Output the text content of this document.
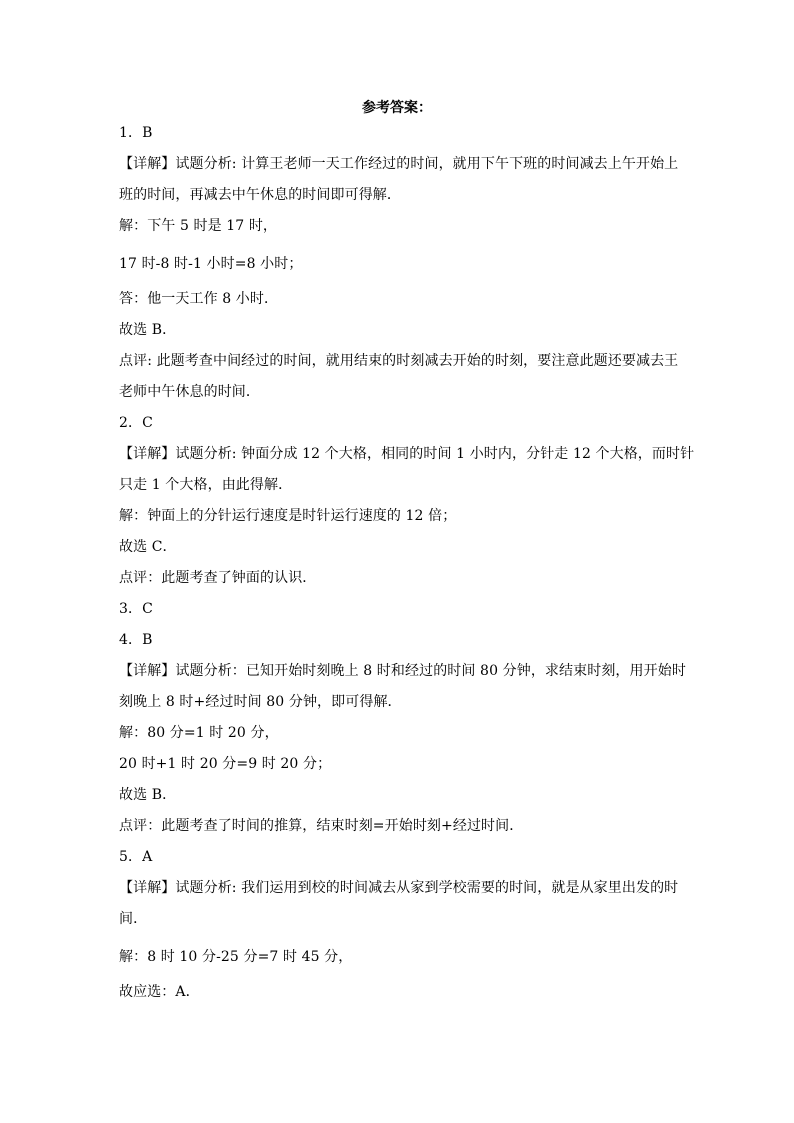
参考答案：
1．B
【详解】试题分析: 计算王老师一天工作经过的时间，就用下午下班的时间减去上午开始上
班的时间，再减去中午休息的时间即可得解．
解：下午 5 时是 17 时，
17 时-8 时-1 小时=8 小时；
答：他一天工作 8 小时．
故选 B．
点评: 此题考查中间经过的时间，就用结束的时刻减去开始的时刻，要注意此题还要减去王
老师中午休息的时间．
2．C
【详解】试题分析: 钟面分成 12 个大格，相同的时间 1 小时内，分针走 12 个大格，而时针
只走 1 个大格，由此得解．
解：钟面上的分针运行速度是时针运行速度的 12 倍；
故选 C．
点评：此题考查了钟面的认识．
3．C
4．B
【详解】试题分析：已知开始时刻晚上 8 时和经过的时间 80 分钟，求结束时刻，用开始时
刻晚上 8 时+经过时间 80 分钟，即可得解．
解：80 分=1 时 20 分，
20 时+1 时 20 分=9 时 20 分；
故选 B．
点评：此题考查了时间的推算，结束时刻=开始时刻+经过时间．
5．A
【详解】试题分析: 我们运用到校的时间减去从家到学校需要的时间，就是从家里出发的时
间．
解：8 时 10 分-25 分=7 时 45 分，
故应选：A．
